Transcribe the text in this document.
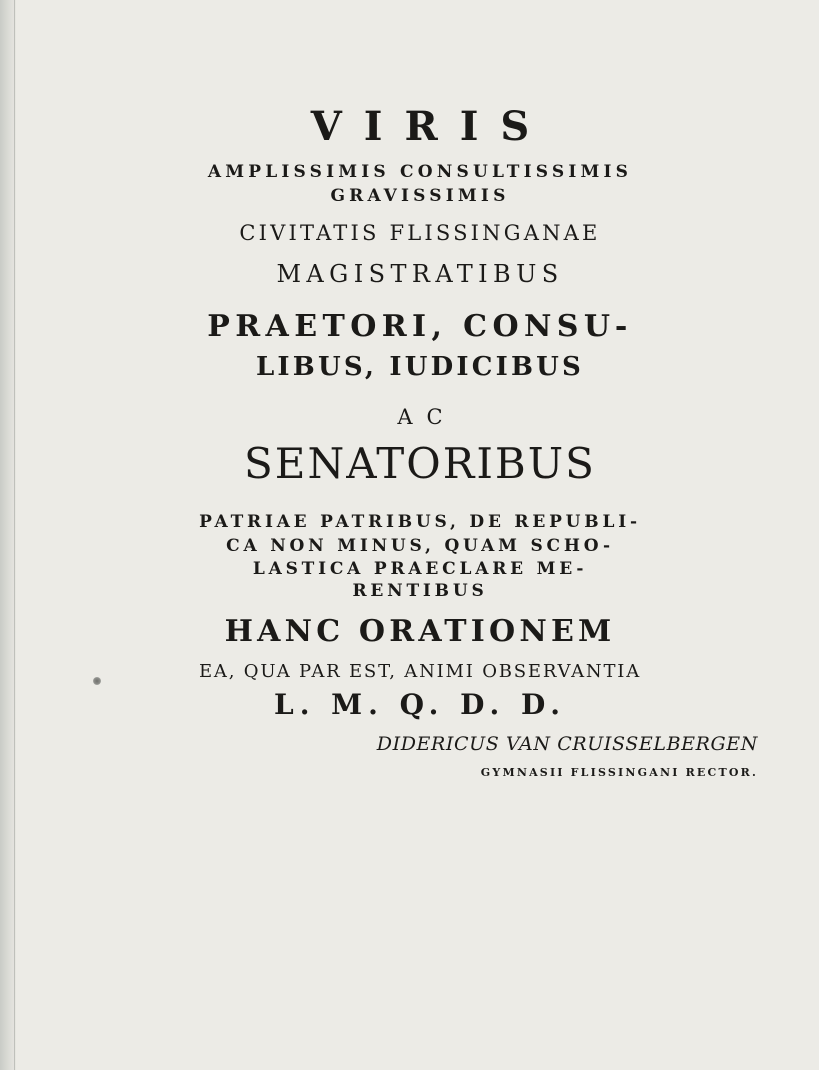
VIRIS
AMPLISSIMIS CONSULTISSIMIS
GRAVISSIMIS
CIVITATIS FLISSINGANAE
MAGISTRATIBUS
PRAETORI, CONSU-
LIBUS, IUDICIBUS
AC
SENATORIBUS
PATRIAE PATRIBUS, DE REPUBLI-
CA NON MINUS, QUAM SCHO-
LASTICA PRAECLARE ME-
RENTIBUS
HANC ORATIONEM
EA, QUA PAR EST, ANIMI OBSERVANTIA
L. M. Q. D. D.
DIDERICUS VAN CRUISSELBERGEN
GYMNASII FLISSINGANI RECTOR.
